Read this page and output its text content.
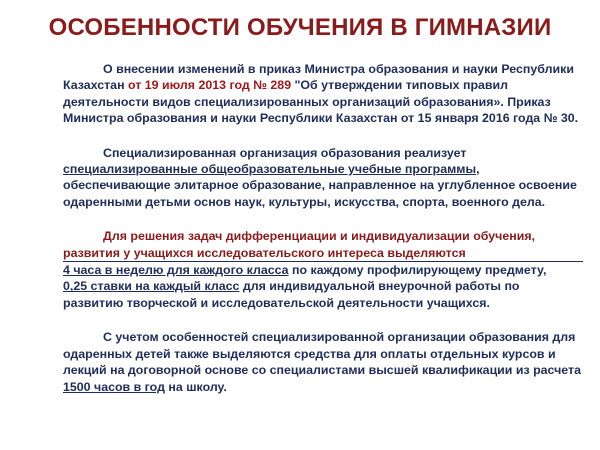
ОСОБЕННОСТИ ОБУЧЕНИЯ В ГИМНАЗИИ

О внесении изменений в приказ Министра образования и науки Республики Казахстан от 19 июля 2013 год № 289 "Об утверждении типовых правил деятельности видов специализированных организаций образования». Приказ Министра образования и науки Республики Казахстан от 15 января 2016 года № 30.

Специализированная организация образования реализует специализированные общеобразовательные учебные программы, обеспечивающие элитарное образование, направленное на углубленное освоение одаренными детьми основ наук, культуры, искусства, спорта, военного дела.

Для решения задач дифференциации и индивидуализации обучения, развития у учащихся исследовательского интереса выделяются

4 часа в неделю для каждого класса по каждому профилирующему предмету,
0,25 ставки на каждый класс для индивидуальной внеурочной работы по развитию творческой и исследовательской деятельности учащихся.

С учетом особенностей специализированной организации образования для одаренных детей также выделяются средства для оплаты отдельных курсов и лекций на договорной основе со специалистами высшей квалификации из расчета 1500 часов в год на школу.
